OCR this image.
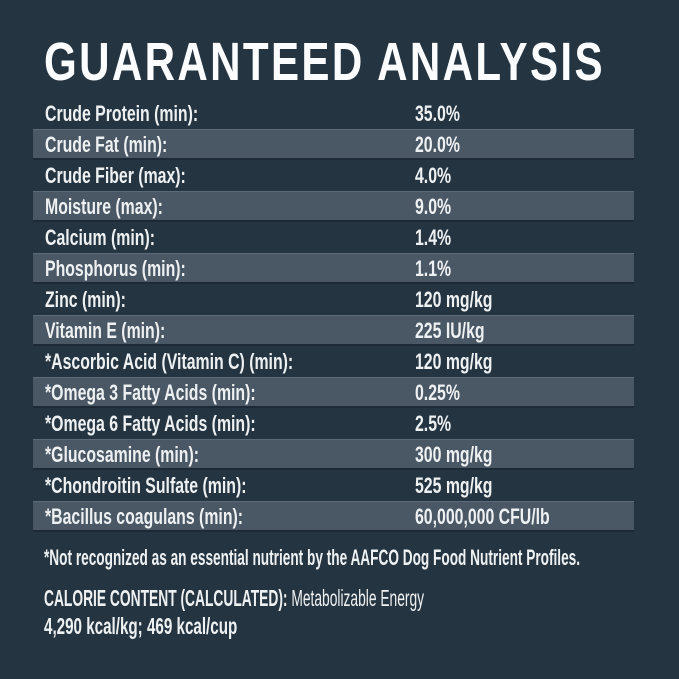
GUARANTEED ANALYSIS
Crude Protein (min):	35.0%
Crude Fat (min):	20.0%
Crude Fiber (max):	4.0%
Moisture (max):	9.0%
Calcium (min):	1.4%
Phosphorus (min):	1.1%
Zinc (min):	120 mg/kg
Vitamin E (min):	225 IU/kg
*Ascorbic Acid (Vitamin C) (min):	120 mg/kg
*Omega 3 Fatty Acids (min):	0.25%
*Omega 6 Fatty Acids (min):	2.5%
*Glucosamine (min):	300 mg/kg
*Chondroitin Sulfate (min):	525 mg/kg
*Bacillus coagulans (min):	60,000,000 CFU/lb
*Not recognized as an essential nutrient by the AAFCO Dog Food Nutrient Profiles.
CALORIE CONTENT (CALCULATED): Metabolizable Energy
4,290 kcal/kg; 469 kcal/cup
